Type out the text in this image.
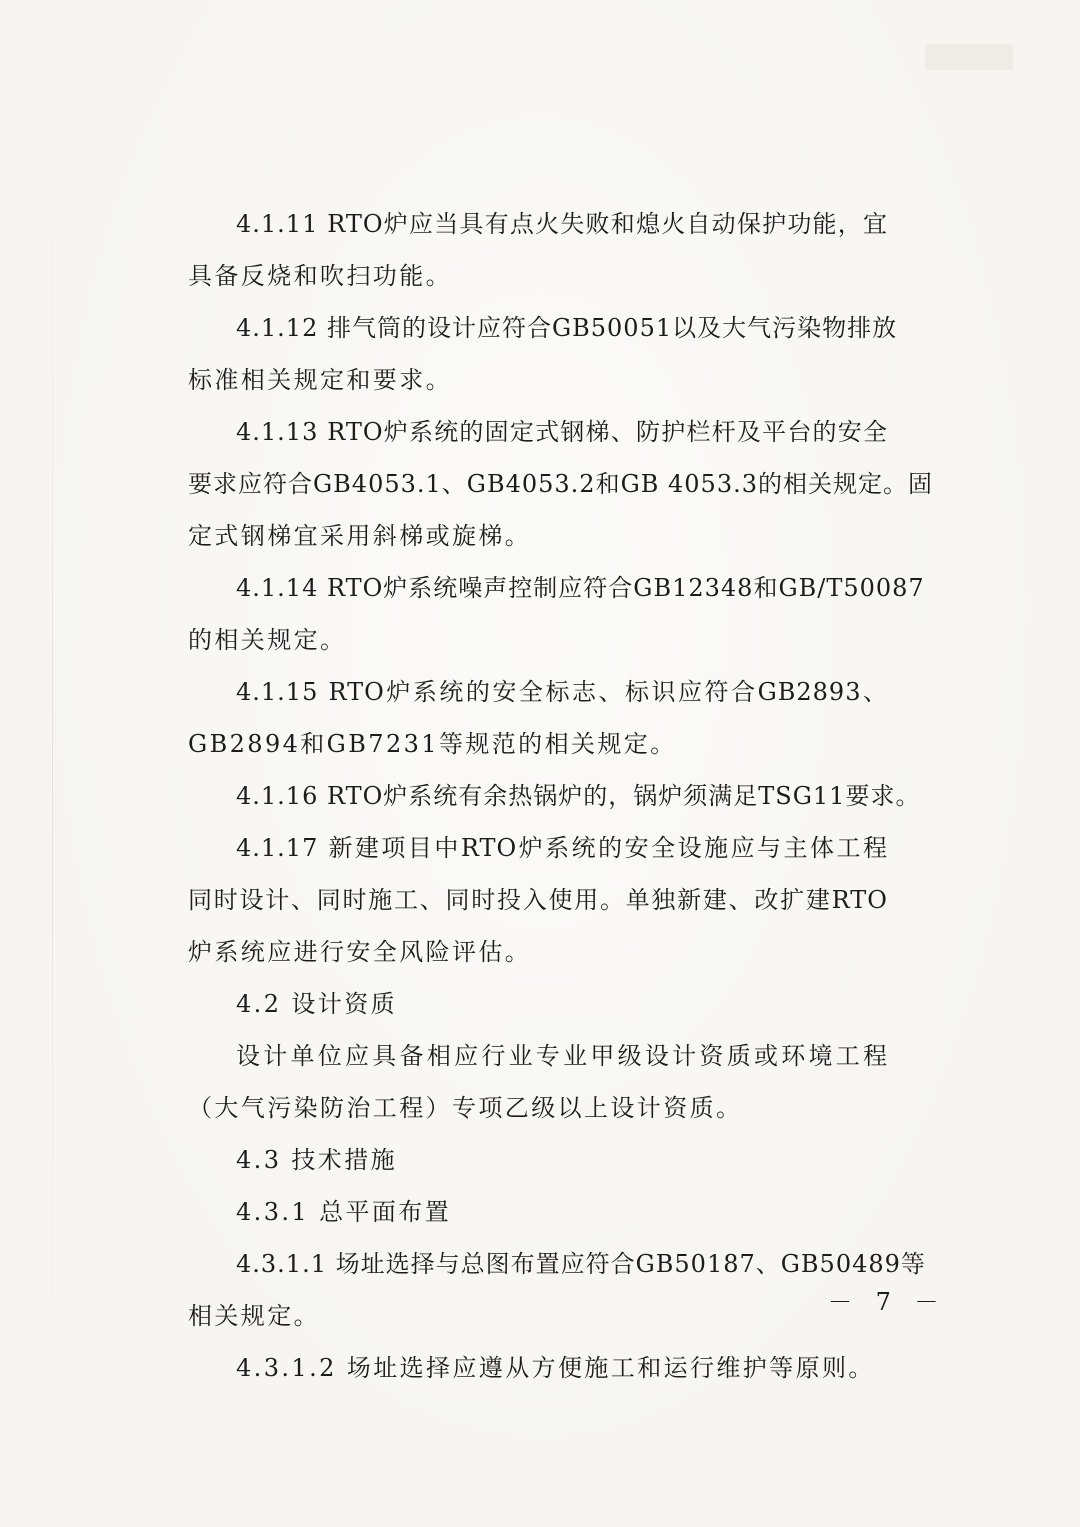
4.1.11 RTO炉应当具有点火失败和熄火自动保护功能，宜
具备反烧和吹扫功能。
4.1.12 排气筒的设计应符合GB50051以及大气污染物排放
标准相关规定和要求。
4.1.13 RTO炉系统的固定式钢梯、防护栏杆及平台的安全
要求应符合GB4053.1、GB4053.2和GB 4053.3的相关规定。固
定式钢梯宜采用斜梯或旋梯。
4.1.14 RTO炉系统噪声控制应符合GB12348和GB/T50087
的相关规定。
4.1.15 RTO炉系统的安全标志、标识应符合GB2893、
GB2894和GB7231等规范的相关规定。
4.1.16 RTO炉系统有余热锅炉的，锅炉须满足TSG11要求。
4.1.17 新建项目中RTO炉系统的安全设施应与主体工程
同时设计、同时施工、同时投入使用。单独新建、改扩建RTO
炉系统应进行安全风险评估。
4.2 设计资质
设计单位应具备相应行业专业甲级设计资质或环境工程
（大气污染防治工程）专项乙级以上设计资质。
4.3 技术措施
4.3.1 总平面布置
4.3.1.1 场址选择与总图布置应符合GB50187、GB50489等
相关规定。
4.3.1.2 场址选择应遵从方便施工和运行维护等原则。
－ 7 －
